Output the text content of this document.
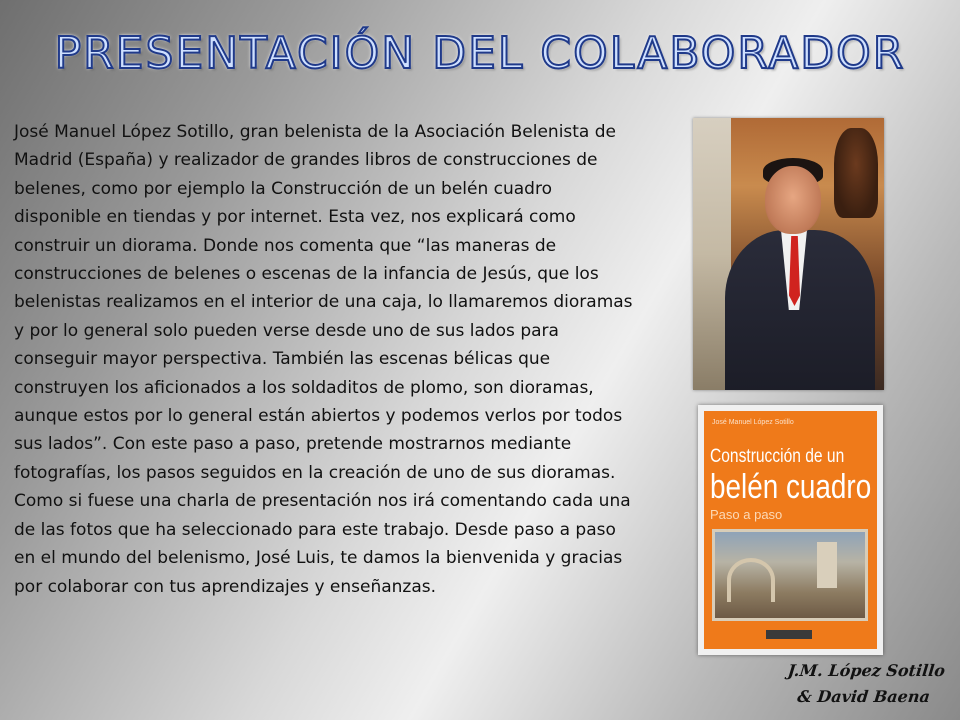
PRESENTACIÓN DEL COLABORADOR
José Manuel López Sotillo, gran belenista de la Asociación Belenista de Madrid (España) y realizador de grandes libros de construcciones de belenes, como por ejemplo la Construcción de un belén cuadro disponible en tiendas y por internet. Esta vez, nos explicará como construir un diorama. Donde nos comenta que “las maneras de construcciones de belenes o escenas de la infancia de Jesús, que los belenistas realizamos en el interior de una caja, lo llamaremos dioramas y por lo general solo pueden verse desde uno de sus lados para conseguir mayor perspectiva. También las escenas bélicas que construyen los aficionados a los soldaditos de plomo, son dioramas, aunque estos por lo general están abiertos y podemos verlos por todos sus lados”. Con este paso a paso, pretende mostrarnos mediante fotografías, los pasos seguidos en la creación de uno de sus dioramas. Como si fuese una charla de presentación nos irá comentando cada una de las fotos que ha seleccionado para este trabajo. Desde paso a paso en el mundo del belenismo, José Luis, te damos la bienvenida y gracias por colaborar con tus aprendizajes y enseñanzas.
José Manuel López Sotillo
Construcción de un
belén cuadro
Paso a paso
J.M. López Sotillo
& David Baena
